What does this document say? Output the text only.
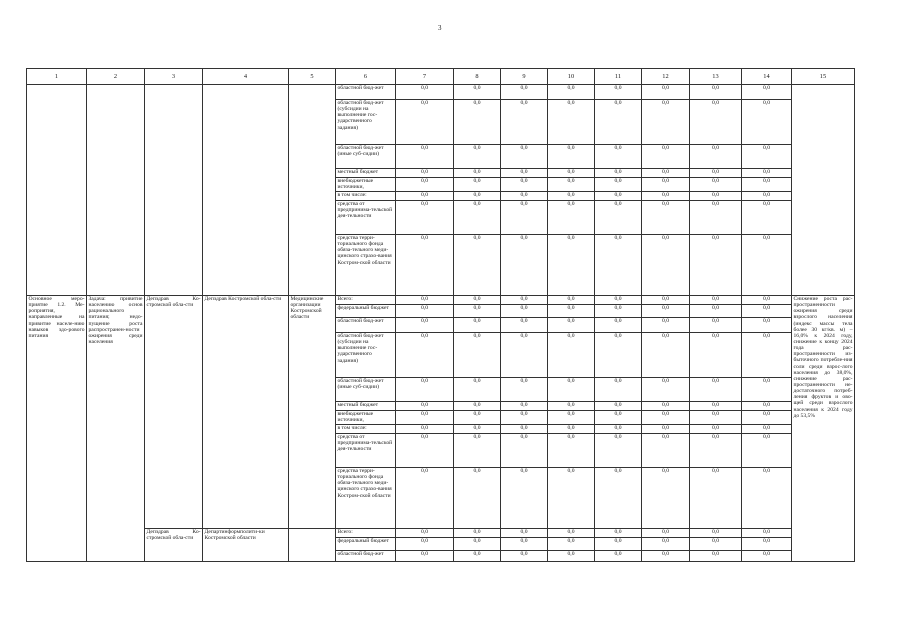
3
1	2	3	4	5	6	7	8	9	10	11	12	13	14	15
					областной бюд-жет	0,0	0,0	0,0	0,0	0,0	0,0	0,0	0,0	
					областной бюд-жет (субсидии на выполнение гос-ударственного задания)	0,0	0,0	0,0	0,0	0,0	0,0	0,0	0,0	
					областной бюд-жет (иные суб-сидии)	0,0	0,0	0,0	0,0	0,0	0,0	0,0	0,0	
					местный бюджет	0,0	0,0	0,0	0,0	0,0	0,0	0,0	0,0	
					внебюджетные источники,	0,0	0,0	0,0	0,0	0,0	0,0	0,0	0,0	
					в том числе:	0,0	0,0	0,0	0,0	0,0	0,0	0,0	0,0	
					средства от предпринима-тельской дея-тельности	0,0	0,0	0,0	0,0	0,0	0,0	0,0	0,0	
					средства терри-ториального фонда обяза-тельного меди-цинского страхо-вания Костром-ской области	0,0	0,0	0,0	0,0	0,0	0,0	0,0	0,0	
Основное меро-приятие 1.2. Ме-роприятия, направленные на привитие населе-нию навыков здо-рового питания	Задача: привитие населению основ рационального питания; недо-пущение роста распространен-ности ожирения среди населения	Депздрав Ко-стромской обла-сти	Депздрав Костромской обла-сти	Медицинские организации Костромской области	Всего:	0,0	0,0	0,0	0,0	0,0	0,0	0,0	0,0	Снижение роста рас-пространенности ожирения среди взрослого населения (индекс массы тела более 30 кг/кв. м) – 16,0% к 2024 году, снижение к концу 2024 года рас-пространенности из-быточного потребле-ния соли среди взрос-лого населения до 38,0%, снижение рас-пространенности не-достаточного потреб-ления фруктов и ово-щей среди взрослого населения к 2024 году до 53,5%
					федеральный бюджет	0,0	0,0	0,0	0,0	0,0	0,0	0,0	0,0	
					областной бюд-жет	0,0	0,0	0,0	0,0	0,0	0,0	0,0	0,0	
					областной бюд-жет (субсидии на выполнение гос-ударственного задания)	0,0	0,0	0,0	0,0	0,0	0,0	0,0	0,0	
					областной бюд-жет (иные суб-сидии)	0,0	0,0	0,0	0,0	0,0	0,0	0,0	0,0	
					местный бюджет	0,0	0,0	0,0	0,0	0,0	0,0	0,0	0,0	
					внебюджетные источники,	0,0	0,0	0,0	0,0	0,0	0,0	0,0	0,0	
					в том числе:	0,0	0,0	0,0	0,0	0,0	0,0	0,0	0,0	
					средства от предпринима-тельской дея-тельности	0,0	0,0	0,0	0,0	0,0	0,0	0,0	0,0	
					средства терри-ториального фонда обяза-тельного меди-цинского страхо-вания Костром-ской области	0,0	0,0	0,0	0,0	0,0	0,0	0,0	0,0	
		Депздрав Ко-стромской обла-сти	Департинформполити-ки Костромской области		Всего:	0,0	0,0	0,0	0,0	0,0	0,0	0,0	0,0	
					федеральный бюджет	0,0	0,0	0,0	0,0	0,0	0,0	0,0	0,0	
					областной бюд-жет	0,0	0,0	0,0	0,0	0,0	0,0	0,0	0,0	
